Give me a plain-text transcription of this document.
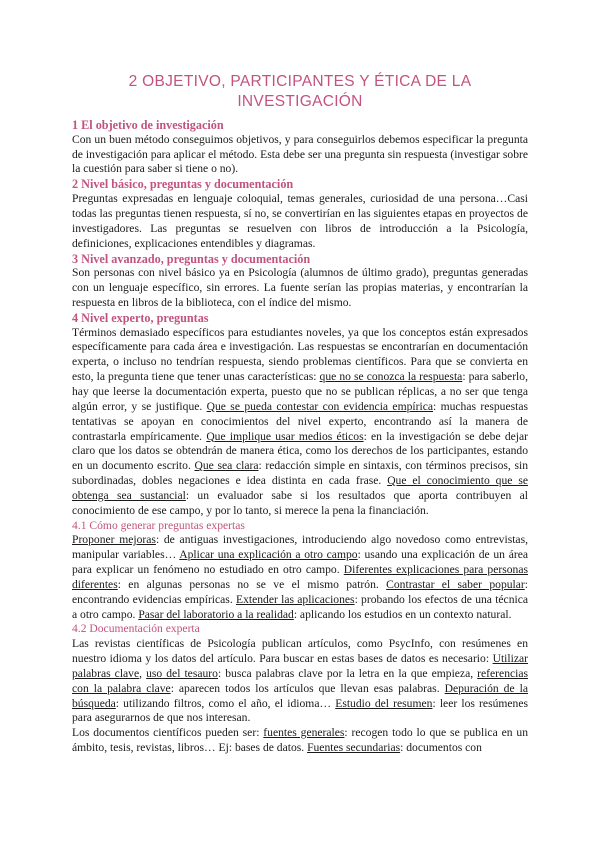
2 OBJETIVO, PARTICIPANTES Y ÉTICA DE LA INVESTIGACIÓN
1 El objetivo de investigación

Con un buen método conseguimos objetivos, y para conseguirlos debemos especificar la pregunta de investigación para aplicar el método. Esta debe ser una pregunta sin respuesta (investigar sobre la cuestión para saber si tiene o no).

2 Nivel básico, preguntas y documentación

Preguntas expresadas en lenguaje coloquial, temas generales, curiosidad de una persona…Casi todas las preguntas tienen respuesta, sí no, se convertirían en las siguientes etapas en proyectos de investigadores. Las preguntas se resuelven con libros de introducción a la Psicología, definiciones, explicaciones entendibles y diagramas.

3 Nivel avanzado, preguntas y documentación

Son personas con nivel básico ya en Psicología (alumnos de último grado), preguntas generadas con un lenguaje específico, sin errores. La fuente serían las propias materias, y encontrarían la respuesta en libros de la biblioteca, con el índice del mismo.

4 Nivel experto, preguntas

Términos demasiado específicos para estudiantes noveles, ya que los conceptos están expresados específicamente para cada área e investigación. Las respuestas se encontrarían en documentación experta, o incluso no tendrían respuesta, siendo problemas científicos. Para que se convierta en esto, la pregunta tiene que tener unas características: que no se conozca la respuesta: para saberlo, hay que leerse la documentación experta, puesto que no se publican réplicas, a no ser que tenga algún error, y se justifique. Que se pueda contestar con evidencia empírica: muchas respuestas tentativas se apoyan en conocimientos del nivel experto, encontrando así la manera de contrastarla empíricamente. Que implique usar medios éticos: en la investigación se debe dejar claro que los datos se obtendrán de manera ética, como los derechos de los participantes, estando en un documento escrito. Que sea clara: redacción simple en sintaxis, con términos precisos, sin subordinadas, dobles negaciones e idea distinta en cada frase. Que el conocimiento que se obtenga sea sustancial: un evaluador sabe si los resultados que aporta contribuyen al conocimiento de ese campo, y por lo tanto, si merece la pena la financiación.

4.1 Cómo generar preguntas expertas

Proponer mejoras: de antiguas investigaciones, introduciendo algo novedoso como entrevistas, manipular variables… Aplicar una explicación a otro campo: usando una explicación de un área para explicar un fenómeno no estudiado en otro campo. Diferentes explicaciones para personas diferentes: en algunas personas no se ve el mismo patrón. Contrastar el saber popular: encontrando evidencias empíricas. Extender las aplicaciones: probando los efectos de una técnica a otro campo. Pasar del laboratorio a la realidad: aplicando los estudios en un contexto natural.

4.2 Documentación experta

Las revistas científicas de Psicología publican artículos, como PsycInfo, con resúmenes en nuestro idioma y los datos del artículo. Para buscar en estas bases de datos es necesario: Utilizar palabras clave, uso del tesauro: busca palabras clave por la letra en la que empieza, referencias con la palabra clave: aparecen todos los artículos que llevan esas palabras. Depuración de la búsqueda: utilizando filtros, como el año, el idioma… Estudio del resumen: leer los resúmenes para asegurarnos de que nos interesan.

Los documentos científicos pueden ser: fuentes generales: recogen todo lo que se publica en un ámbito, tesis, revistas, libros… Ej: bases de datos. Fuentes secundarias: documentos con
